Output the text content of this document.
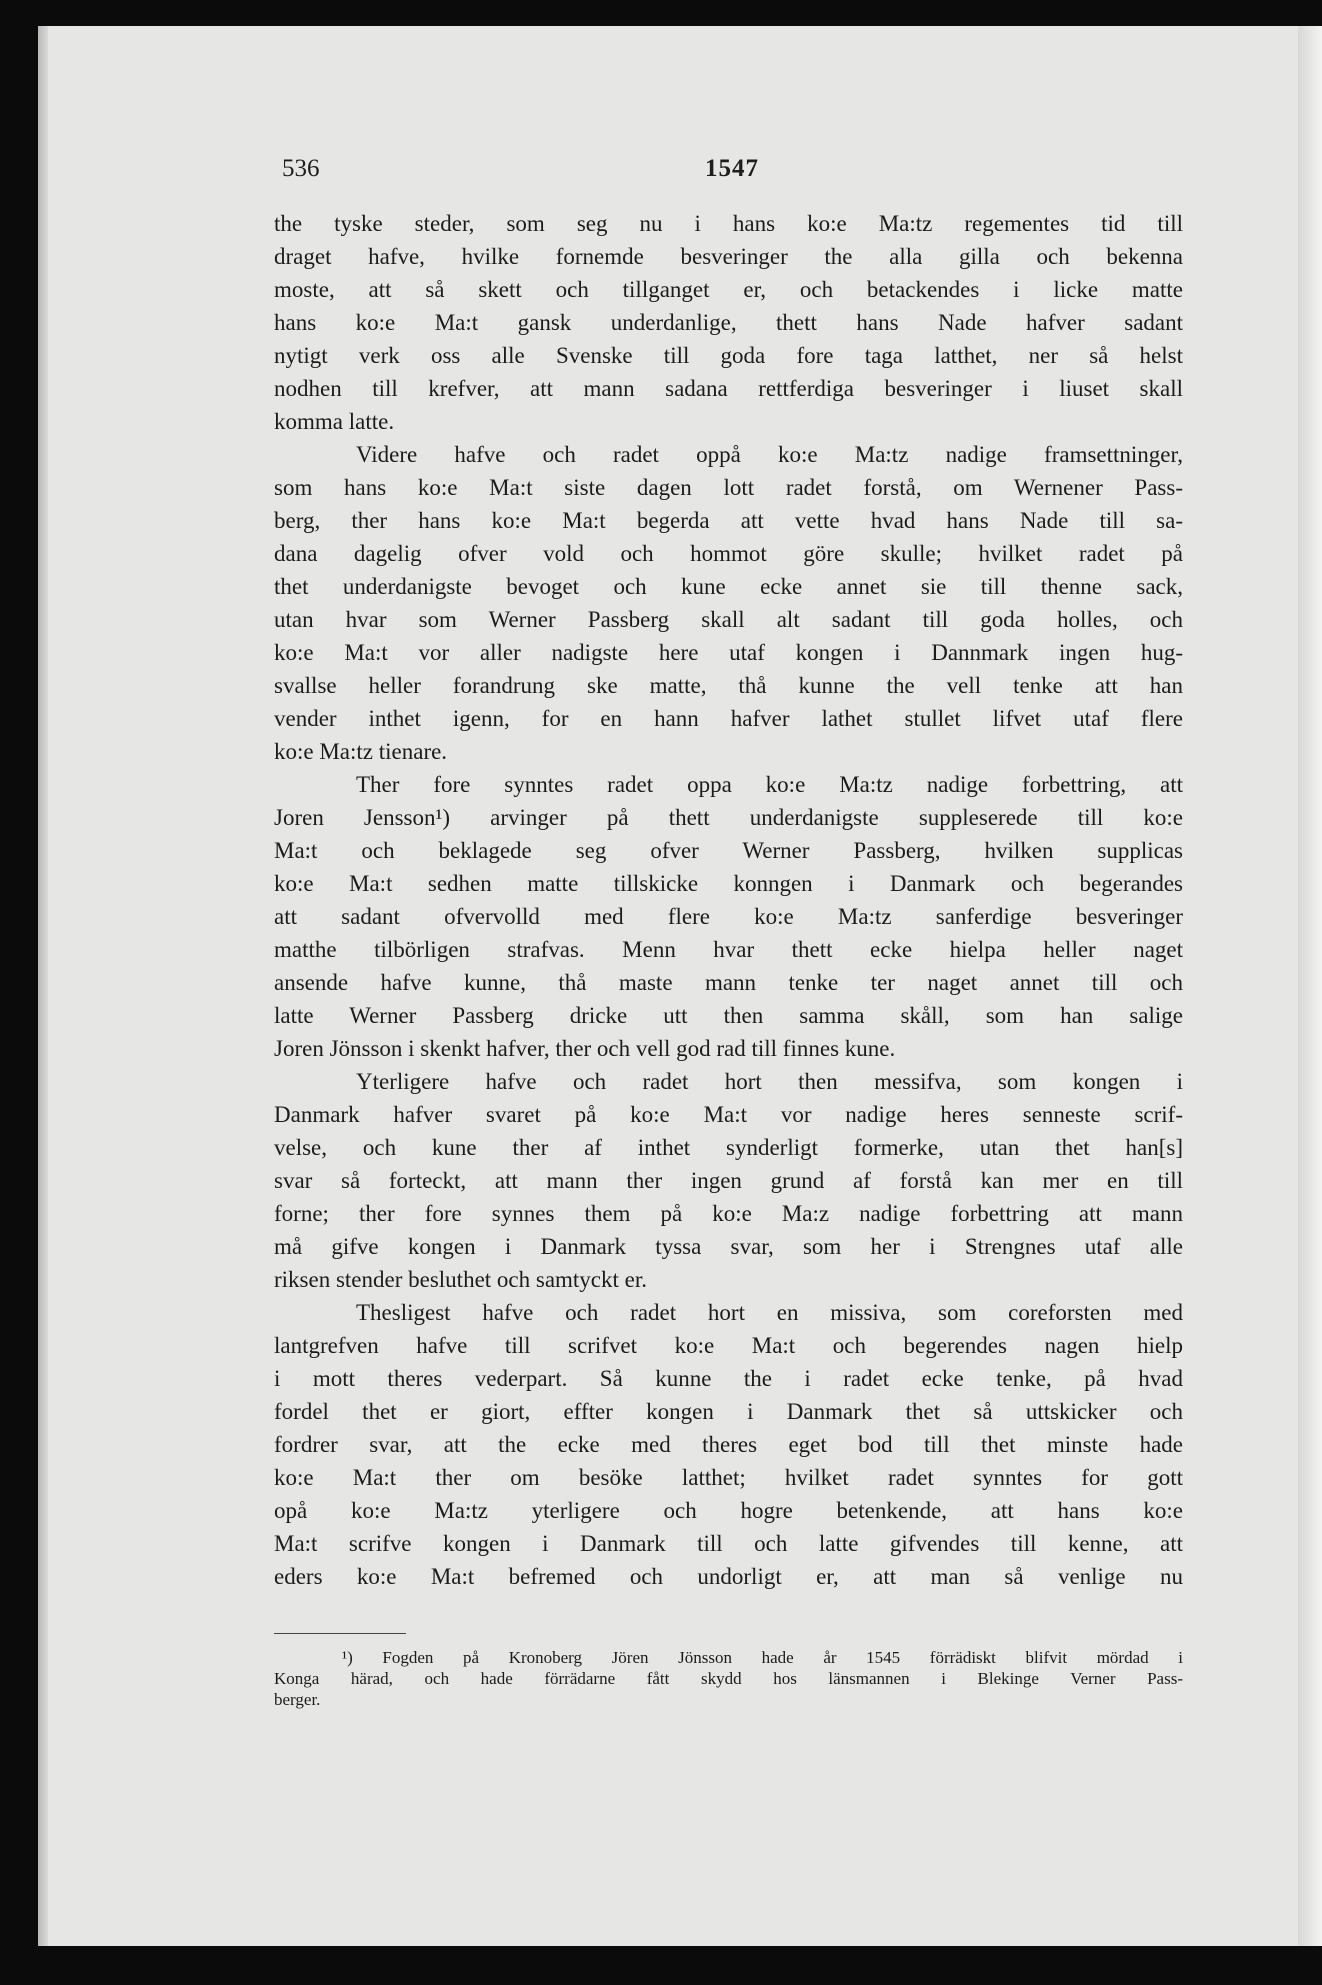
536	1547

the tyske steder, som seg nu i hans ko:e Ma:tz regementes tid till

draget hafve, hvilke fornemde besveringer the alla gilla och bekenna

moste, att så skett och tillganget er, och betackendes i licke matte

hans ko:e Ma:t gansk underdanlige, thett hans Nade hafver sadant

nytigt verk oss alle Svenske till goda fore taga latthet, ner så helst

nodhen till krefver, att mann sadana rettferdiga besveringer i liuset skall

komma latte.

Videre hafve och radet oppå ko:e Ma:tz nadige framsettninger,

som hans ko:e Ma:t siste dagen lott radet forstå, om Wernener Pass-

berg, ther hans ko:e Ma:t begerda att vette hvad hans Nade till sa-

dana dagelig ofver vold och hommot göre skulle; hvilket radet på

thet underdanigste bevoget och kune ecke annet sie till thenne sack,

utan hvar som Werner Passberg skall alt sadant till goda holles, och

ko:e Ma:t vor aller nadigste here utaf kongen i Dannmark ingen hug-

svallse heller forandrung ske matte, thå kunne the vell tenke att han

vender inthet igenn, for en hann hafver lathet stullet lifvet utaf flere

ko:e Ma:tz tienare.

Ther fore synntes radet oppa ko:e Ma:tz nadige forbettring, att

Joren Jensson¹) arvinger på thett underdanigste suppleserede till ko:e

Ma:t och beklagede seg ofver Werner Passberg, hvilken supplicas

ko:e Ma:t sedhen matte tillskicke konngen i Danmark och begerandes

att sadant ofvervolld med flere ko:e Ma:tz sanferdige besveringer

matthe tilbörligen strafvas. Menn hvar thett ecke hielpa heller naget

ansende hafve kunne, thå maste mann tenke ter naget annet till och

latte Werner Passberg dricke utt then samma skåll, som han salige

Joren Jönsson i skenkt hafver, ther och vell god rad till finnes kune.

Yterligere hafve och radet hort then messifva, som kongen i

Danmark hafver svaret på ko:e Ma:t vor nadige heres senneste scrif-

velse, och kune ther af inthet synderligt formerke, utan thet han[s]

svar så forteckt, att mann ther ingen grund af forstå kan mer en till

forne; ther fore synnes them på ko:e Ma:z nadige forbettring att mann

må gifve kongen i Danmark tyssa svar, som her i Strengnes utaf alle

riksen stender besluthet och samtyckt er.

Thesligest hafve och radet hort en missiva, som coreforsten med

lantgrefven hafve till scrifvet ko:e Ma:t och begerendes nagen hielp

i mott theres vederpart. Så kunne the i radet ecke tenke, på hvad

fordel thet er giort, effter kongen i Danmark thet så uttskicker och

fordrer svar, att the ecke med theres eget bod till thet minste hade

ko:e Ma:t ther om besöke latthet; hvilket radet synntes for gott

opå ko:e Ma:tz yterligere och hogre betenkende, att hans ko:e

Ma:t scrifve kongen i Danmark till och latte gifvendes till kenne, att

eders ko:e Ma:t befremed och undorligt er, att man så venlige nu

¹) Fogden på Kronoberg Jören Jönsson hade år 1545 förrädiskt blifvit mördad i

Konga härad, och hade förrädarne fått skydd hos länsmannen i Blekinge Verner Pass-

berger.
